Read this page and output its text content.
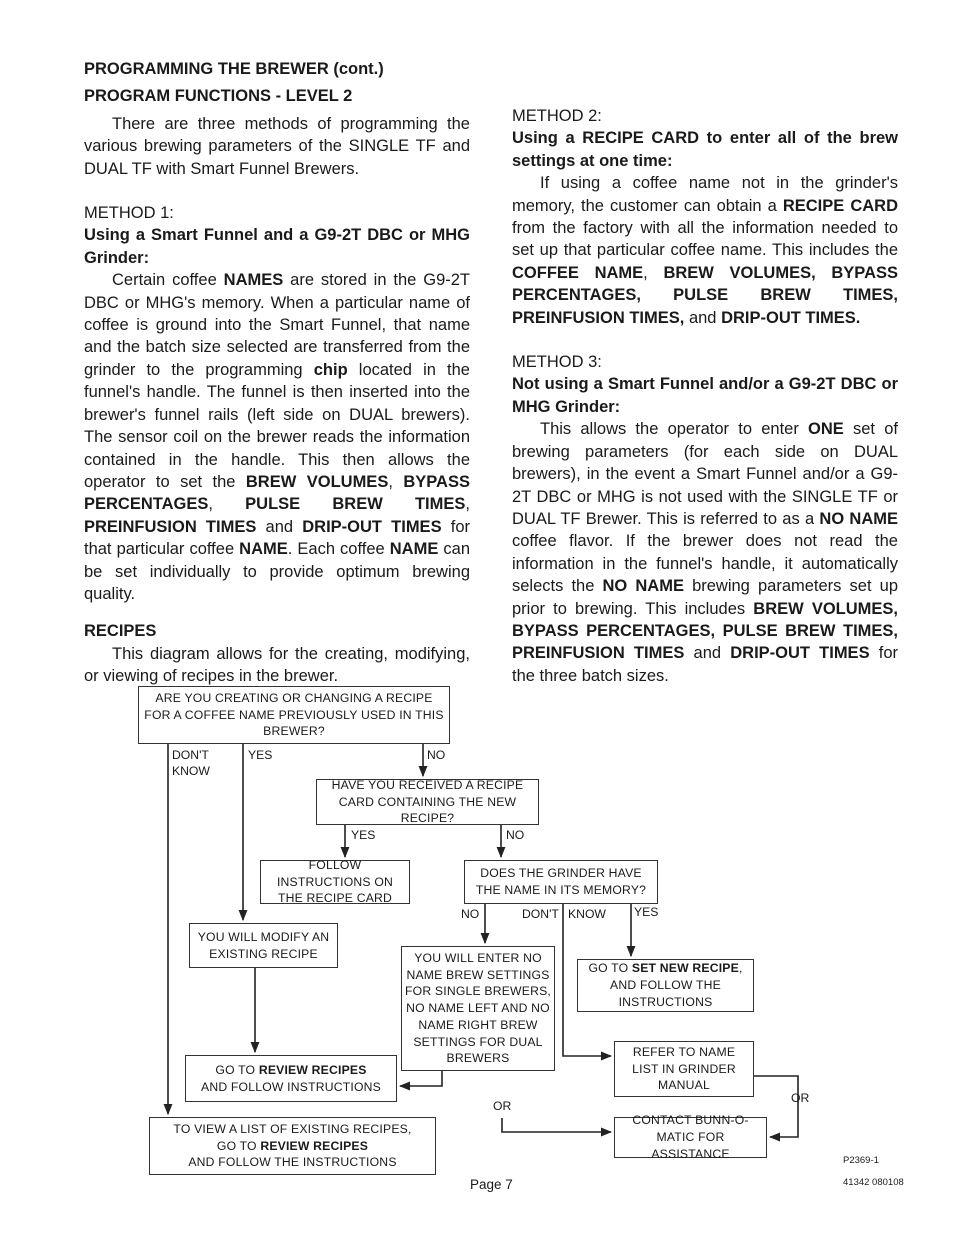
PROGRAMMING THE BREWER (cont.)

PROGRAM FUNCTIONS - LEVEL 2

There are three methods of programming the various brewing parameters of the SINGLE TF and DUAL TF with Smart Funnel Brewers.

METHOD 1:

Using a Smart Funnel and a G9-2T DBC or MHG Grinder:

Certain coffee NAMES are stored in the G9-2T DBC or MHG's memory. When a particular name of coffee is ground into the Smart Funnel, that name and the batch size selected are transferred from the grinder to the programming chip located in the funnel's handle. The funnel is then inserted into the brewer's funnel rails (left side on DUAL brewers). The sensor coil on the brewer reads the information contained in the handle. This then allows the operator to set the BREW VOLUMES, BYPASS PERCENTAGES, PULSE BREW TIMES, PREINFUSION TIMES and DRIP-OUT TIMES for that particular coffee NAME. Each coffee NAME can be set individually to provide optimum brewing quality.

RECIPES

This diagram allows for the creating, modifying, or viewing of recipes in the brewer.

METHOD 2:

Using a RECIPE CARD to enter all of the brew settings at one time:

If using a coffee name not in the grinder's memory, the customer can obtain a RECIPE CARD from the factory with all the information needed to set up that particular coffee name. This includes the COFFEE NAME, BREW VOLUMES, BYPASS PERCENTAGES, PULSE BREW TIMES, PREINFUSION TIMES, and DRIP-OUT TIMES.

METHOD 3:

Not using a Smart Funnel and/or a G9-2T DBC or MHG Grinder:

This allows the operator to enter ONE set of brewing parameters (for each side on DUAL brewers), in the event a Smart Funnel and/or a G9-2T DBC or MHG is not used with the SINGLE TF or DUAL TF Brewer. This is referred to as a NO NAME coffee flavor. If the brewer does not read the information in the funnel's handle, it automatically selects the NO NAME brewing parameters set up prior to brewing. This includes BREW VOLUMES, BYPASS PERCENTAGES, PULSE BREW TIMES, PREINFUSION TIMES and DRIP-OUT TIMES for the three batch sizes.

ARE YOU CREATING OR CHANGING A RECIPE FOR A COFFEE NAME PREVIOUSLY USED IN THIS BREWER?
DON'T KNOW
YES	NO
HAVE YOU RECEIVED A RECIPE CARD CONTAINING THE NEW RECIPE?
YES	NO
FOLLOW INSTRUCTIONS ON THE RECIPE CARD
DOES THE GRINDER HAVE THE NAME IN ITS MEMORY?
NO	DON'T KNOW YES
YOU WILL MODIFY AN EXISTING RECIPE	YOU WILL ENTER NO NAME BREW SETTINGS FOR SINGLE BREWERS, NO NAME LEFT AND NO NAME RIGHT BREW SETTINGS FOR DUAL BREWERS
GO TO SET NEW RECIPE, AND FOLLOW THE INSTRUCTIONS
GO TO REVIEW RECIPES
AND FOLLOW INSTRUCTIONS
REFER TO NAME LIST IN GRINDER MANUAL
OR
OR
TO VIEW A LIST OF EXISTING RECIPES,
GO TO REVIEW RECIPES
AND FOLLOW THE INSTRUCTIONS
CONTACT BUNN-O-MATIC FOR ASSISTANCE	P2369-1
Page 7	41342 080108
